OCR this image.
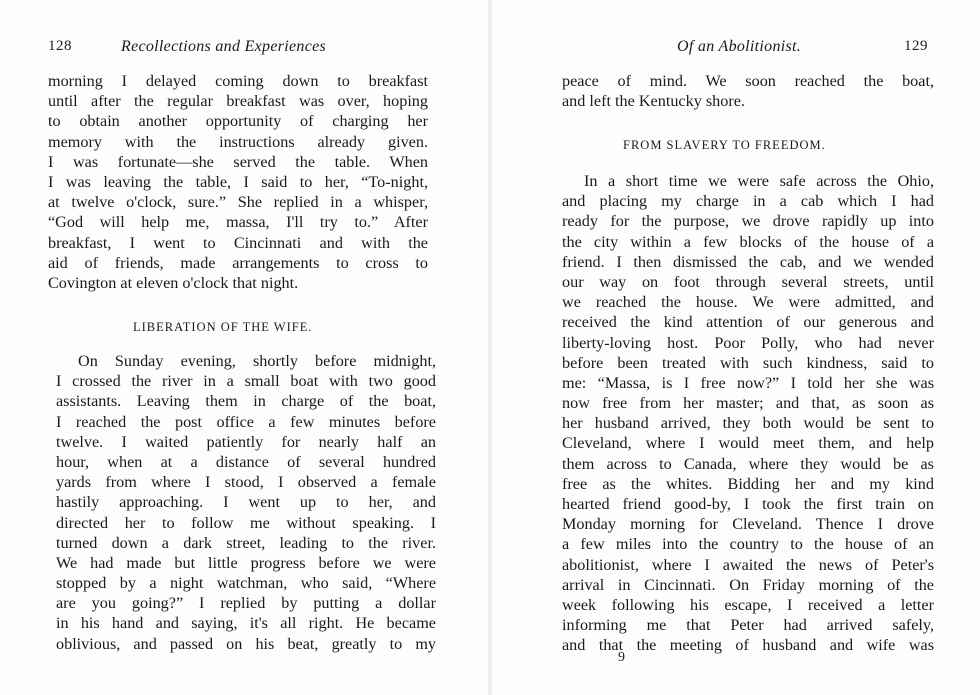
128	Recollections and Experiences
morning I delayed coming down to breakfast
until after the regular breakfast was over, hoping
to obtain another opportunity of charging her
memory with the instructions already given.
I was fortunate—she served the table. When
I was leaving the table, I said to her, “To-night,
at twelve o'clock, sure.” She replied in a whisper,
“God will help me, massa, I'll try to.” After
breakfast, I went to Cincinnati and with the
aid of friends, made arrangements to cross to
Covington at eleven o'clock that night.
LIBERATION OF THE WIFE.
On Sunday evening, shortly before midnight,
I crossed the river in a small boat with two good
assistants. Leaving them in charge of the boat,
I reached the post office a few minutes before
twelve. I waited patiently for nearly half an
hour, when at a distance of several hundred
yards from where I stood, I observed a female
hastily approaching. I went up to her, and
directed her to follow me without speaking. I
turned down a dark street, leading to the river.
We had made but little progress before we were
stopped by a night watchman, who said, “Where
are you going?” I replied by putting a dollar
in his hand and saying, it's all right. He became
oblivious, and passed on his beat, greatly to my
Of an Abolitionist.	129
peace of mind. We soon reached the boat,
and left the Kentucky shore.
FROM SLAVERY TO FREEDOM.
In a short time we were safe across the Ohio,
and placing my charge in a cab which I had
ready for the purpose, we drove rapidly up into
the city within a few blocks of the house of a
friend. I then dismissed the cab, and we wended
our way on foot through several streets, until
we reached the house. We were admitted, and
received the kind attention of our generous and
liberty-loving host. Poor Polly, who had never
before been treated with such kindness, said to
me: “Massa, is I free now?” I told her she was
now free from her master; and that, as soon as
her husband arrived, they both would be sent to
Cleveland, where I would meet them, and help
them across to Canada, where they would be as
free as the whites. Bidding her and my kind
hearted friend good-by, I took the first train on
Monday morning for Cleveland. Thence I drove
a few miles into the country to the house of an
abolitionist, where I awaited the news of Peter's
arrival in Cincinnati. On Friday morning of the
week following his escape, I received a letter
informing me that Peter had arrived safely,
and that the meeting of husband and wife was
9
